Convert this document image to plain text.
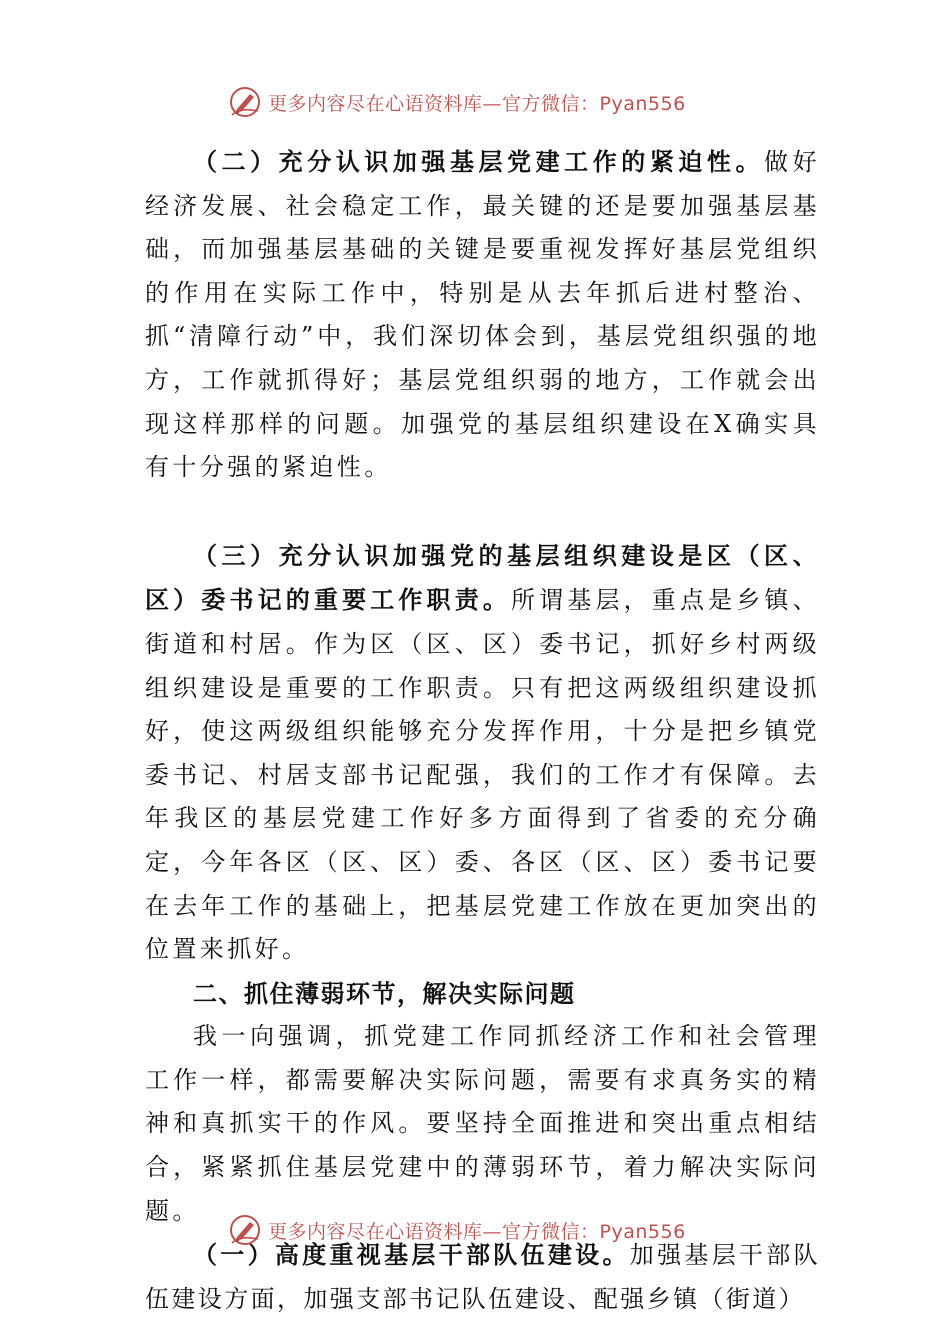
更多内容尽在心语资料库—官方微信：Pyan556

（二）充分认识加强基层党建工作的紧迫性。做好经济发展、社会稳定工作，最关键的还是要加强基层基础，而加强基层基础的关键是要重视发挥好基层党组织的作用在实际工作中，特别是从去年抓后进村整治、抓“清障行动”中，我们深切体会到，基层党组织强的地方，工作就抓得好；基层党组织弱的地方，工作就会出现这样那样的问题。加强党的基层组织建设在X确实具有十分强的紧迫性。

（三）充分认识加强党的基层组织建设是区（区、区）委书记的重要工作职责。所谓基层，重点是乡镇、街道和村居。作为区（区、区）委书记，抓好乡村两级组织建设是重要的工作职责。只有把这两级组织建设抓好，使这两级组织能够充分发挥作用，十分是把乡镇党委书记、村居支部书记配强，我们的工作才有保障。去年我区的基层党建工作好多方面得到了省委的充分确定，今年各区（区、区）委、各区（区、区）委书记要在去年工作的基础上，把基层党建工作放在更加突出的位置来抓好。

二、抓住薄弱环节，解决实际问题

我一向强调，抓党建工作同抓经济工作和社会管理工作一样，都需要解决实际问题，需要有求真务实的精神和真抓实干的作风。要坚持全面推进和突出重点相结合，紧紧抓住基层党建中的薄弱环节，着力解决实际问题。

（一）高度重视基层干部队伍建设。加强基层干部队伍建设方面，加强支部书记队伍建设、配强乡镇（街道）

更多内容尽在心语资料库—官方微信：Pyan556
